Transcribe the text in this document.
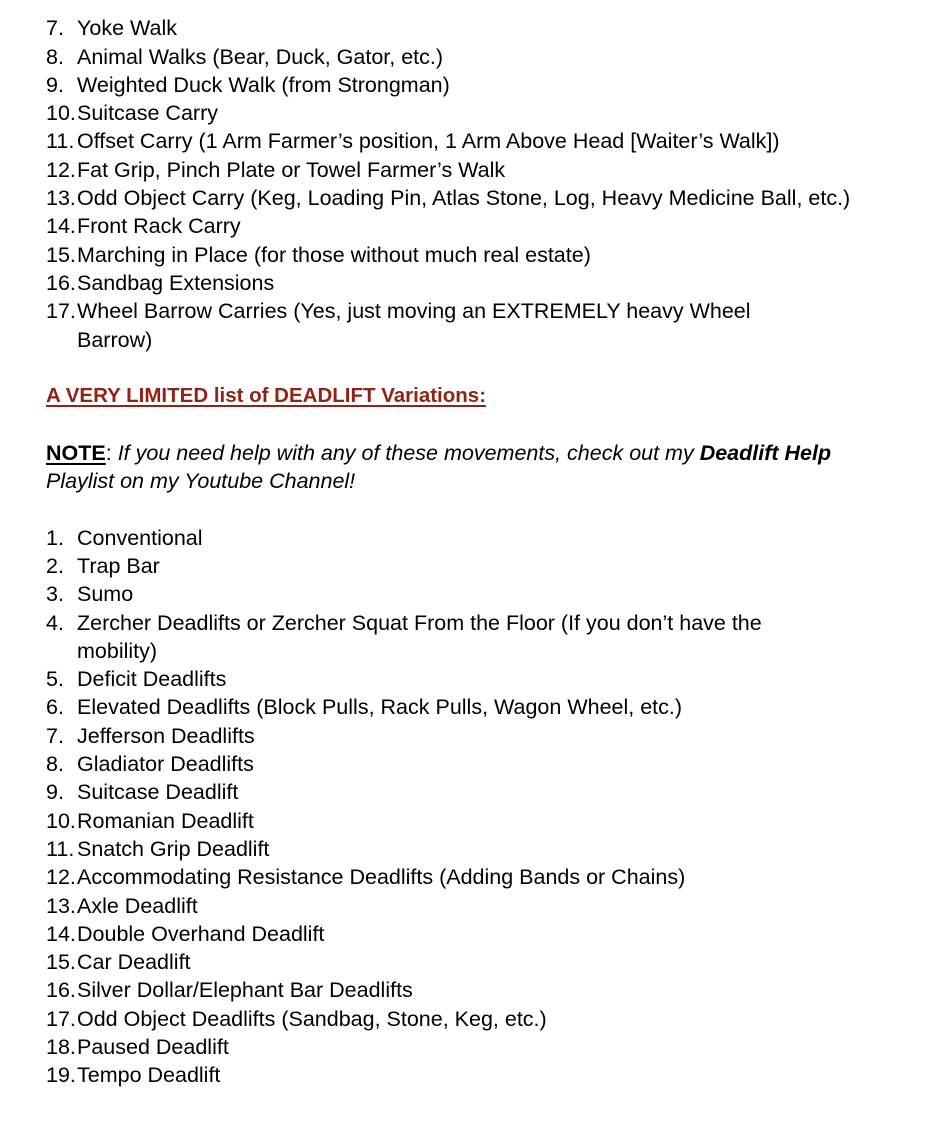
7. Yoke Walk
8. Animal Walks (Bear, Duck, Gator, etc.)
9. Weighted Duck Walk (from Strongman)
10. Suitcase Carry
11. Offset Carry (1 Arm Farmer’s position, 1 Arm Above Head [Waiter’s Walk])
12. Fat Grip, Pinch Plate or Towel Farmer’s Walk
13. Odd Object Carry (Keg, Loading Pin, Atlas Stone, Log, Heavy Medicine Ball, etc.)
14. Front Rack Carry
15. Marching in Place (for those without much real estate)
16. Sandbag Extensions
17. Wheel Barrow Carries (Yes, just moving an EXTREMELY heavy Wheel Barrow)
A VERY LIMITED list of DEADLIFT Variations:
NOTE: If you need help with any of these movements, check out my Deadlift Help Playlist on my Youtube Channel!
1. Conventional
2. Trap Bar
3. Sumo
4. Zercher Deadlifts or Zercher Squat From the Floor (If you don’t have the mobility)
5. Deficit Deadlifts
6. Elevated Deadlifts (Block Pulls, Rack Pulls, Wagon Wheel, etc.)
7. Jefferson Deadlifts
8. Gladiator Deadlifts
9. Suitcase Deadlift
10. Romanian Deadlift
11. Snatch Grip Deadlift
12. Accommodating Resistance Deadlifts (Adding Bands or Chains)
13. Axle Deadlift
14. Double Overhand Deadlift
15. Car Deadlift
16. Silver Dollar/Elephant Bar Deadlifts
17. Odd Object Deadlifts (Sandbag, Stone, Keg, etc.)
18. Paused Deadlift
19. Tempo Deadlift
